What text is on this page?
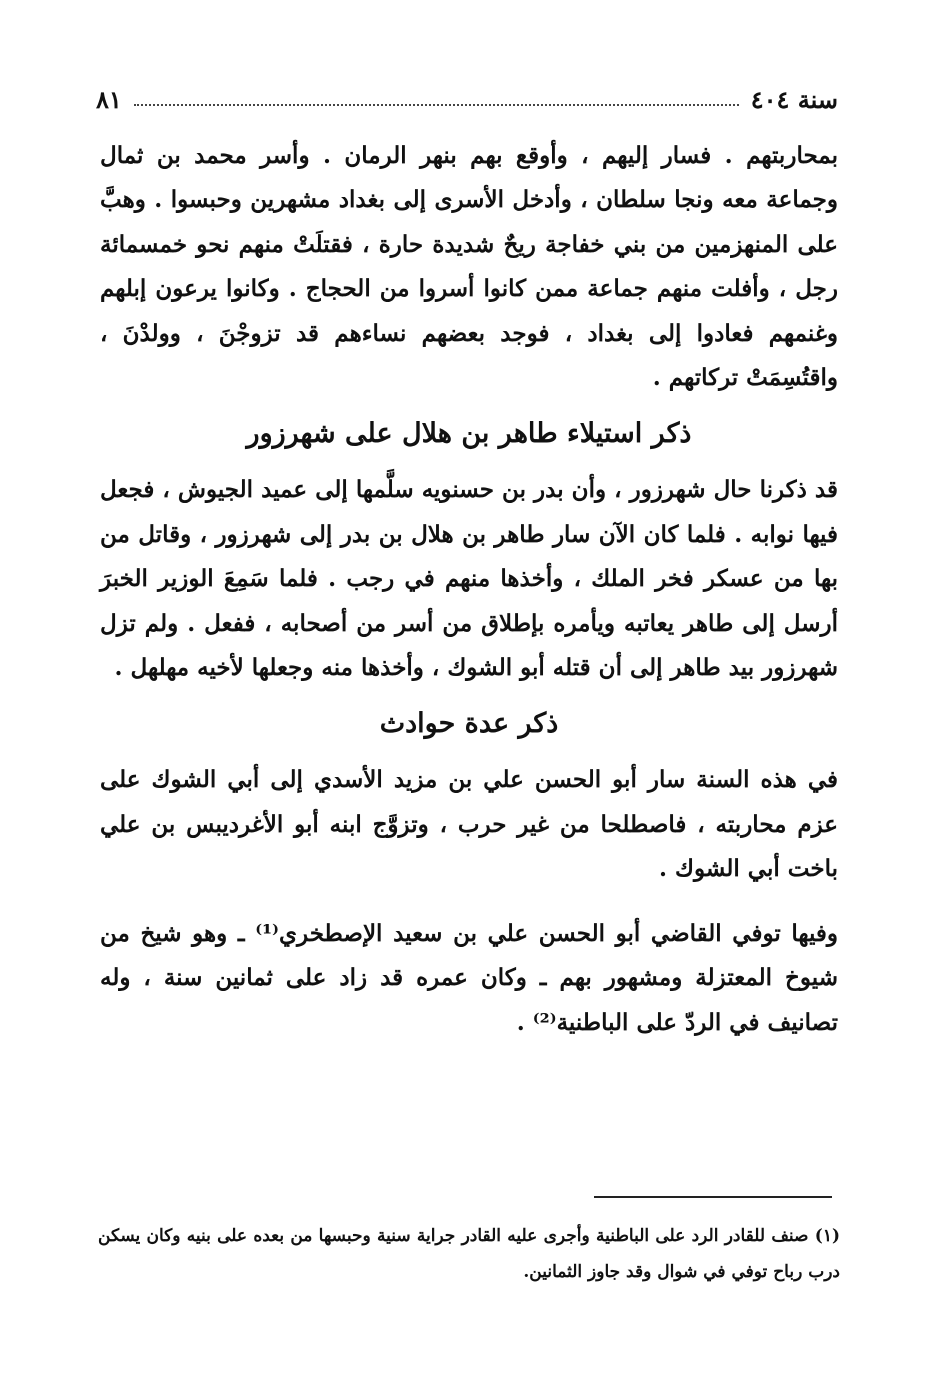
سنة ٤٠٤
٨١

بمحاربتهم . فسار إليهم ، وأوقع بهم بنهر الرمان . وأسر محمد بن ثمال وجماعة معه ونجا سلطان ، وأدخل الأسرى إلى بغداد مشهرين وحبسوا . وهبَّ على المنهزمين من بني خفاجة ريحٌ شديدة حارة ، فقتلَتْ منهم نحو خمسمائة رجل ، وأفلت منهم جماعة ممن كانوا أسروا من الحجاج . وكانوا يرعون إبلهم وغنمهم فعادوا إلى بغداد ، فوجد بعضهم نساءهم قد تزوجْنَ ، وولدْنَ ، واقتُسِمَتْ تركاتهم .

ذكر استيلاء طاهر بن هلال على شهرزور

قد ذكرنا حال شهرزور ، وأن بدر بن حسنويه سلَّمها إلى عميد الجيوش ، فجعل فيها نوابه . فلما كان الآن سار طاهر بن هلال بن بدر إلى شهرزور ، وقاتل من بها من عسكر فخر الملك ، وأخذها منهم في رجب . فلما سَمِعَ الوزير الخبرَ أرسل إلى طاهر يعاتبه ويأمره بإطلاق من أسر من أصحابه ، ففعل . ولم تزل شهرزور بيد طاهر إلى أن قتله أبو الشوك ، وأخذها منه وجعلها لأخيه مهلهل .

ذكر عدة حوادث

في هذه السنة سار أبو الحسن علي بن مزيد الأسدي إلى أبي الشوك على عزم محاربته ، فاصطلحا من غير حرب ، وتزوَّج ابنه أبو الأغرديبس بن علي باخت أبي الشوك .

وفيها توفي القاضي أبو الحسن علي بن سعيد الإصطخري⁽¹⁾ ـ وهو شيخ من شيوخ المعتزلة ومشهور بهم ـ وكان عمره قد زاد على ثمانين سنة ، وله تصانيف في الردّ على الباطنية⁽²⁾ .

(١) صنف للقادر الرد على الباطنية وأجرى عليه القادر جراية سنية وحبسها من بعده على بنيه وكان يسكن درب رباح توفي في شوال وقد جاوز الثمانين.
